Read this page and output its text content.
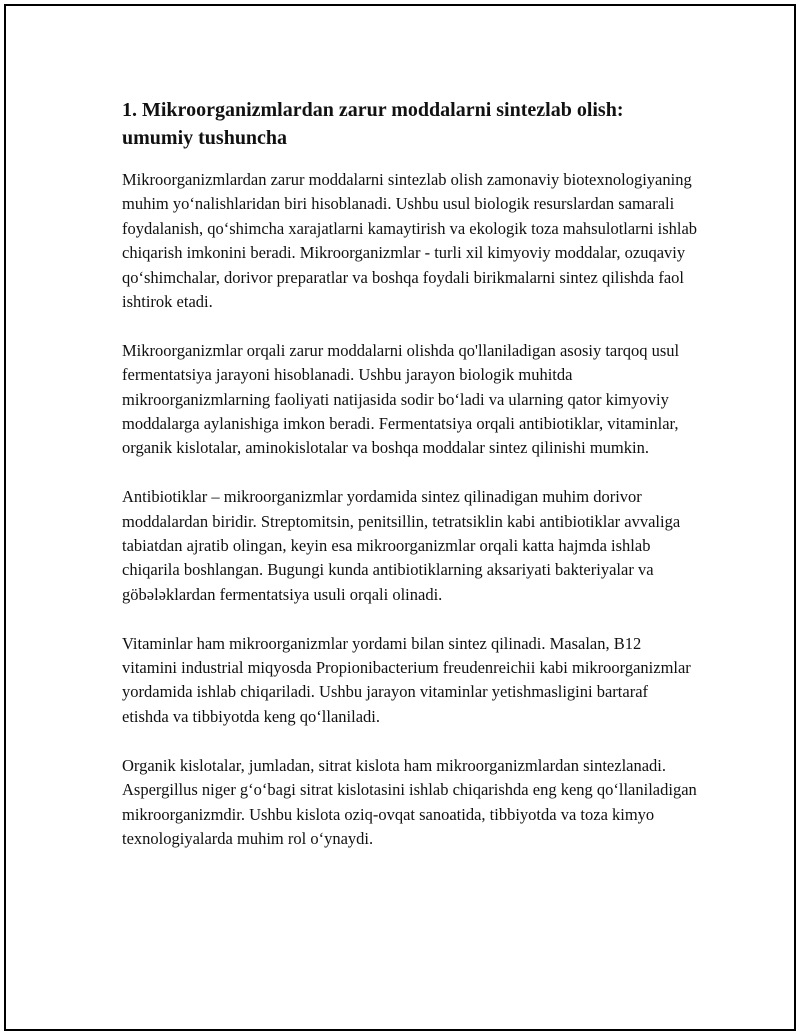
1. Mikroorganizmlardan zarur moddalarni sintezlab olish: umumiy tushuncha

Mikroorganizmlardan zarur moddalarni sintezlab olish zamonaviy biotexnologiyaning muhim yo‘nalishlaridan biri hisoblanadi. Ushbu usul biologik resurslardan samarali foydalanish, qo‘shimcha xarajatlarni kamaytirish va ekologik toza mahsulotlarni ishlab chiqarish imkonini beradi. Mikroorganizmlar - turli xil kimyoviy moddalar, ozuqaviy qo‘shimchalar, dorivor preparatlar va boshqa foydali birikmalarni sintez qilishda faol ishtirok etadi.

Mikroorganizmlar orqali zarur moddalarni olishda qo'llaniladigan asosiy tarqoq usul fermentatsiya jarayoni hisoblanadi. Ushbu jarayon biologik muhitda mikroorganizmlarning faoliyati natijasida sodir bo‘ladi va ularning qator kimyoviy moddalarga aylanishiga imkon beradi. Fermentatsiya orqali antibiotiklar, vitaminlar, organik kislotalar, aminokislotalar va boshqa moddalar sintez qilinishi mumkin.

Antibiotiklar – mikroorganizmlar yordamida sintez qilinadigan muhim dorivor moddalardan biridir. Streptomitsin, penitsillin, tetratsiklin kabi antibiotiklar avvaliga tabiatdan ajratib olingan, keyin esa mikroorganizmlar orqali katta hajmda ishlab chiqarila boshlangan. Bugungi kunda antibiotiklarning aksariyati bakteriyalar va göbələklardan fermentatsiya usuli orqali olinadi.

Vitaminlar ham mikroorganizmlar yordami bilan sintez qilinadi. Masalan, B12 vitamini industrial miqyosda Propionibacterium freudenreichii kabi mikroorganizmlar yordamida ishlab chiqariladi. Ushbu jarayon vitaminlar yetishmasligini bartaraf etishda va tibbiyotda keng qo‘llaniladi.

Organik kislotalar, jumladan, sitrat kislota ham mikroorganizmlardan sintezlanadi. Aspergillus niger g‘o‘bagi sitrat kislotasini ishlab chiqarishda eng keng qo‘llaniladigan mikroorganizmdir. Ushbu kislota oziq-ovqat sanoatida, tibbiyotda va toza kimyo texnologiyalarda muhim rol o‘ynaydi.
